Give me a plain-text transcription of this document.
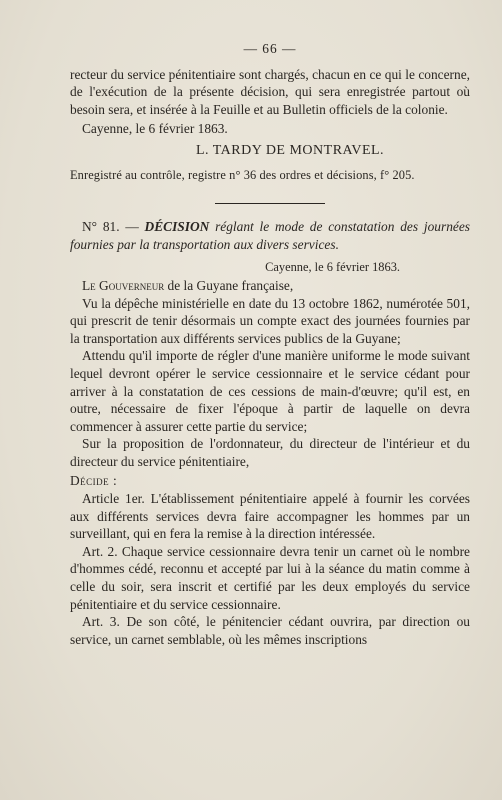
— 66 —

recteur du service pénitentiaire sont chargés, chacun en ce qui le concerne, de l'exécution de la présente décision, qui sera enregistrée partout où besoin sera, et insérée à la Feuille et au Bulletin officiels de la colonie.

Cayenne, le 6 février 1863.

L. TARDY DE MONTRAVEL.

Enregistré au contrôle, registre n° 36 des ordres et décisions, f° 205.

N° 81. — DÉCISION réglant le mode de constatation des journées fournies par la transportation aux divers services.

Cayenne, le 6 février 1863.

Le Gouverneur de la Guyane française,

Vu la dépêche ministérielle en date du 13 octobre 1862, numérotée 501, qui prescrit de tenir désormais un compte exact des journées fournies par la transportation aux différents services publics de la Guyane;

Attendu qu'il importe de régler d'une manière uniforme le mode suivant lequel devront opérer le service cessionnaire et le service cédant pour arriver à la constatation de ces cessions de main-d'œuvre; qu'il est, en outre, nécessaire de fixer l'époque à partir de laquelle on devra commencer à assurer cette partie du service;

Sur la proposition de l'ordonnateur, du directeur de l'intérieur et du directeur du service pénitentiaire,

Décide :

Article 1er. L'établissement pénitentiaire appelé à fournir les corvées aux différents services devra faire accompagner les hommes par un surveillant, qui en fera la remise à la direction intéressée.

Art. 2. Chaque service cessionnaire devra tenir un carnet où le nombre d'hommes cédé, reconnu et accepté par lui à la séance du matin comme à celle du soir, sera inscrit et certifié par les deux employés du service pénitentiaire et du service cessionnaire.

Art. 3. De son côté, le pénitencier cédant ouvrira, par direction ou service, un carnet semblable, où les mêmes inscriptions
